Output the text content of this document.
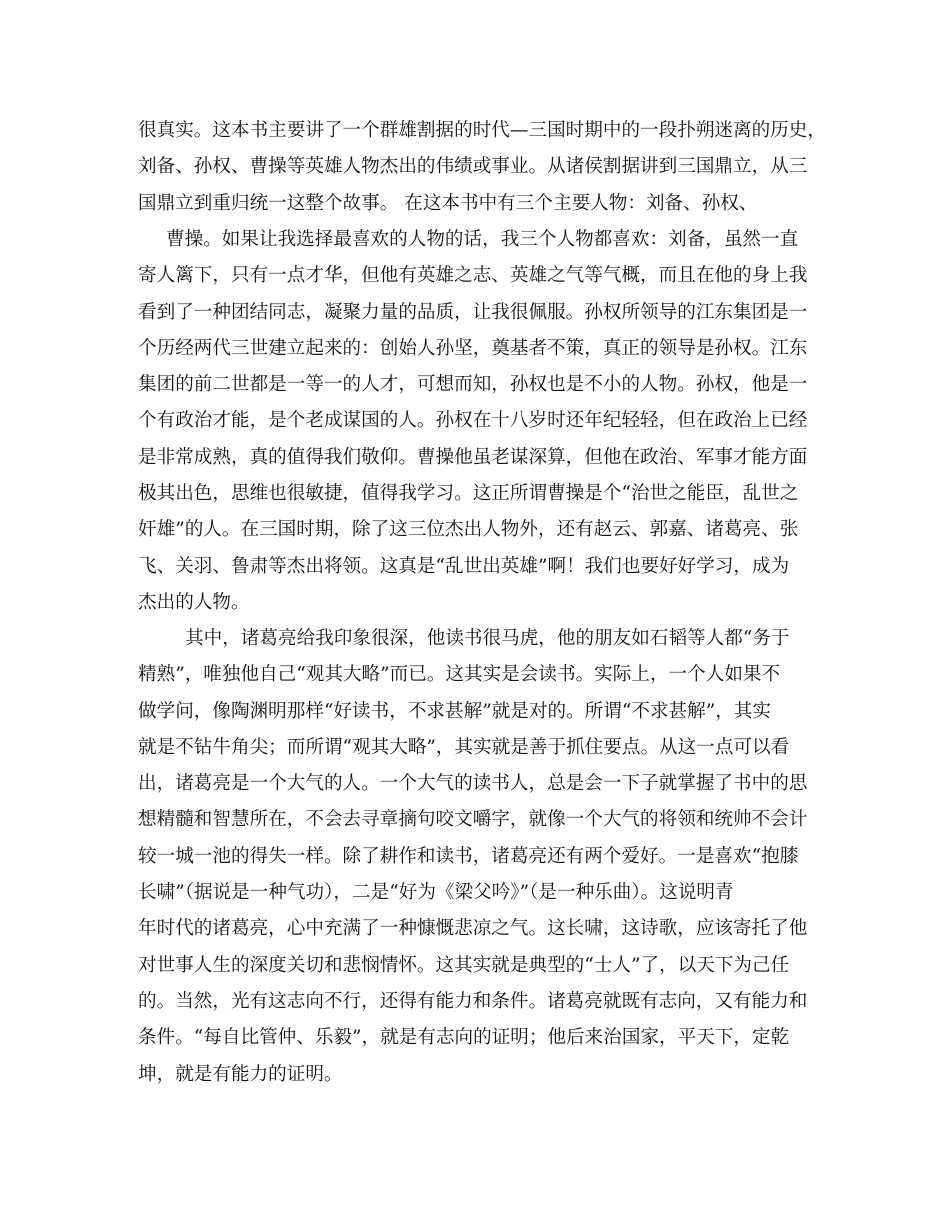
很真实。这本书主要讲了一个群雄割据的时代—三国时期中的一段扑朔迷离的历史，
刘备、孙权、曹操等英雄人物杰出的伟绩或事业。从诸侯割据讲到三国鼎立，从三
国鼎立到重归统一这整个故事。 在这本书中有三个主要人物：刘备、孙权、

曹操。如果让我选择最喜欢的人物的话，我三个人物都喜欢：刘备，虽然一直
寄人篱下，只有一点才华，但他有英雄之志、英雄之气等气概，而且在他的身上我
看到了一种团结同志，凝聚力量的品质，让我很佩服。孙权所领导的江东集团是一
个历经两代三世建立起来的：创始人孙坚，奠基者不策，真正的领导是孙权。江东
集团的前二世都是一等一的人才，可想而知，孙权也是不小的人物。孙权，他是一
个有政治才能，是个老成谋国的人。孙权在十八岁时还年纪轻轻，但在政治上已经
是非常成熟，真的值得我们敬仰。曹操他虽老谋深算，但他在政治、军事才能方面
极其出色，思维也很敏捷，值得我学习。这正所谓曹操是个“治世之能臣，乱世之
奸雄”的人。在三国时期，除了这三位杰出人物外，还有赵云、郭嘉、诸葛亮、张
飞、关羽、鲁肃等杰出将领。这真是“乱世出英雄”啊！我们也要好好学习，成为
杰出的人物。

其中，诸葛亮给我印象很深，他读书很马虎，他的朋友如石韬等人都“务于
精熟”，唯独他自己“观其大略”而已。这其实是会读书。实际上，一个人如果不
做学问，像陶渊明那样“好读书，不求甚解”就是对的。所谓“不求甚解”，其实
就是不钻牛角尖；而所谓“观其大略”，其实就是善于抓住要点。从这一点可以看
出，诸葛亮是一个大气的人。一个大气的读书人，总是会一下子就掌握了书中的思
想精髓和智慧所在，不会去寻章摘句咬文嚼字，就像一个大气的将领和统帅不会计
较一城一池的得失一样。除了耕作和读书，诸葛亮还有两个爱好。一是喜欢“抱膝
长啸”（据说是一种气功），二是“好为《梁父吟》”（是一种乐曲）。这说明青
年时代的诸葛亮，心中充满了一种慷慨悲凉之气。这长啸，这诗歌，应该寄托了他
对世事人生的深度关切和悲悯情怀。这其实就是典型的“士人”了，以天下为己任
的。当然，光有这志向不行，还得有能力和条件。诸葛亮就既有志向，又有能力和
条件。“每自比管仲、乐毅”，就是有志向的证明；他后来治国家，平天下，定乾
坤，就是有能力的证明。
